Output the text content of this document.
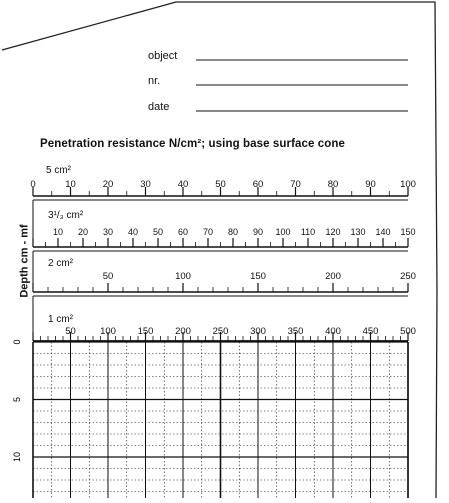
0
5
10
object
nr.
date
Penetration resistance N/cm²; using base surface cone
Depth cm - mf
5 cm²
3¹/₃ cm²
2 cm²
1 cm²
0	10	20	30	40	50	60	70	80	90	100
10	20	30	40	50	60	70	80	90	100	110	120	130	140	150
50	100	150	200	250
50	100	150	200	250	300	350	400	450	500
